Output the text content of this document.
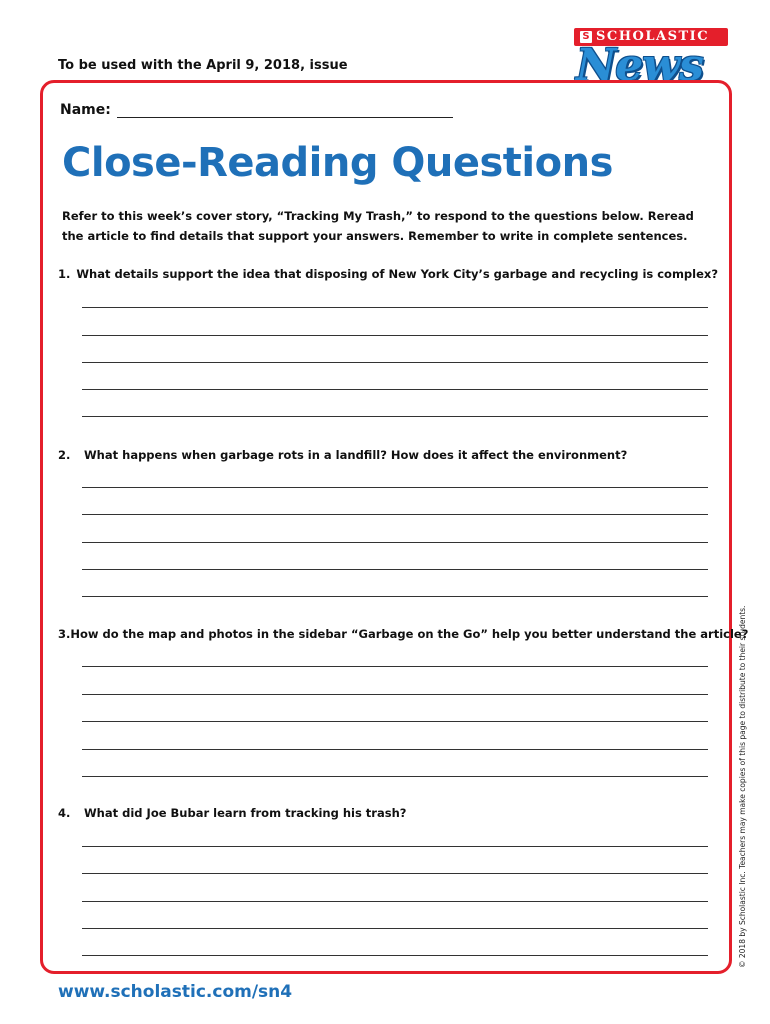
To be used with the April 9, 2018, issue
S SCHOLASTIC
News
Name:
Close-Reading Questions
Refer to this week’s cover story, “Tracking My Trash,” to respond to the questions below. Reread the article to find details that support your answers. Remember to write in complete sentences.
1. What details support the idea that disposing of New York City’s garbage and recycling is complex?
2.	What happens when garbage rots in a landfill? How does it affect the environment?
3. How do the map and photos in the sidebar “Garbage on the Go” help you better understand the article?
4.	What did Joe Bubar learn from tracking his trash?	© 2018 by Scholastic Inc. Teachers may make copies of this page to distribute to their students.
www.scholastic.com/sn4
